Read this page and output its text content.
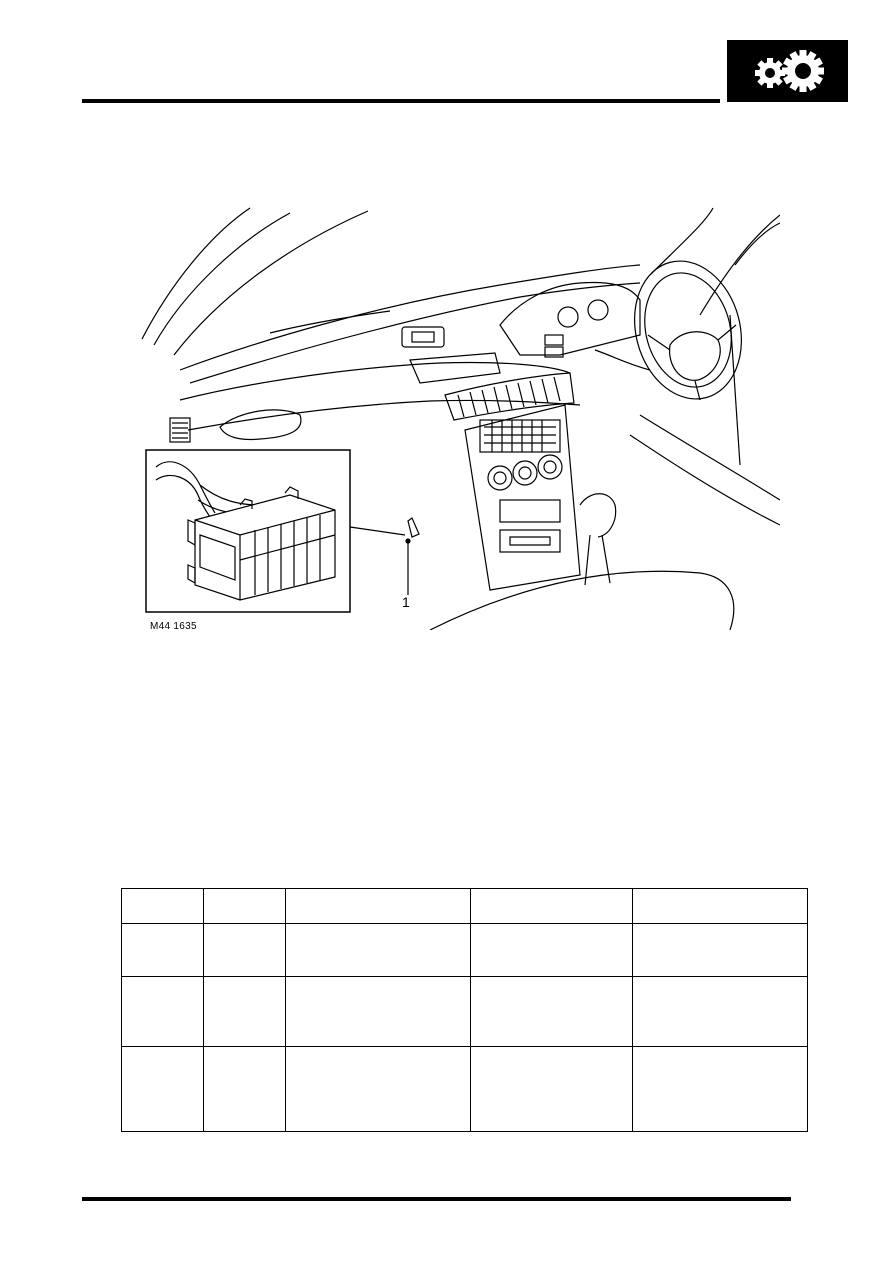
M44 1635
1
